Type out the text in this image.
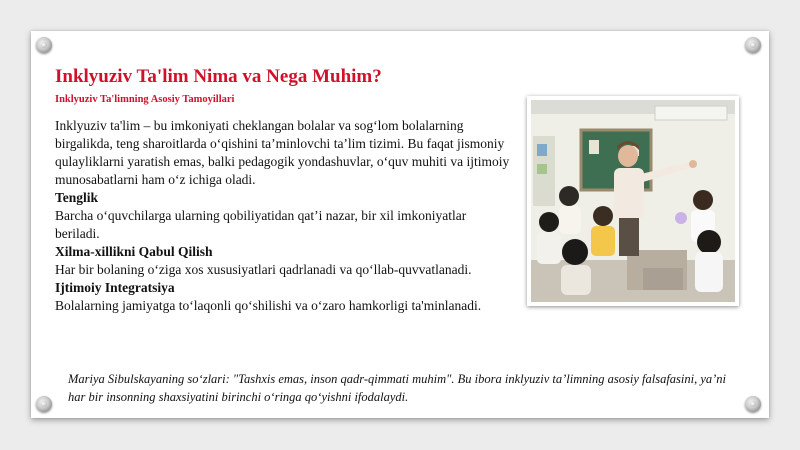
Inklyuziv Ta'lim Nima va Nega Muhim?
Inklyuziv Ta'limning Asosiy Tamoyillari

Inklyuziv ta'lim – bu imkoniyati cheklangan bolalar va sog‘lom bolalarning birgalikda, teng sharoitlarda o‘qishini ta’minlovchi ta’lim tizimi. Bu faqat jismoniy qulayliklarni yaratish emas, balki pedagogik yondashuvlar, o‘quv muhiti va ijtimoiy munosabatlarni ham o‘z ichiga oladi.

Tenglik

Barcha o‘quvchilarga ularning qobiliyatidan qat’i nazar, bir xil imkoniyatlar beriladi.

Xilma-xillikni Qabul Qilish

Har bir bolaning o‘ziga xos xususiyatlari qadrlanadi va qo‘llab-quvvatlanadi.

Ijtimoiy Integratsiya

Bolalarning jamiyatga to‘laqonli qo‘shilishi va o‘zaro hamkorligi ta'minlanadi.

Mariya Sibulskayaning so‘zlari: "Tashxis emas, inson qadr-qimmati muhim". Bu ibora inklyuziv ta’limning asosiy falsafasini, ya’ni har bir insonning shaxsiyatini birinchi o‘ringa qo‘yishni ifodalaydi.
